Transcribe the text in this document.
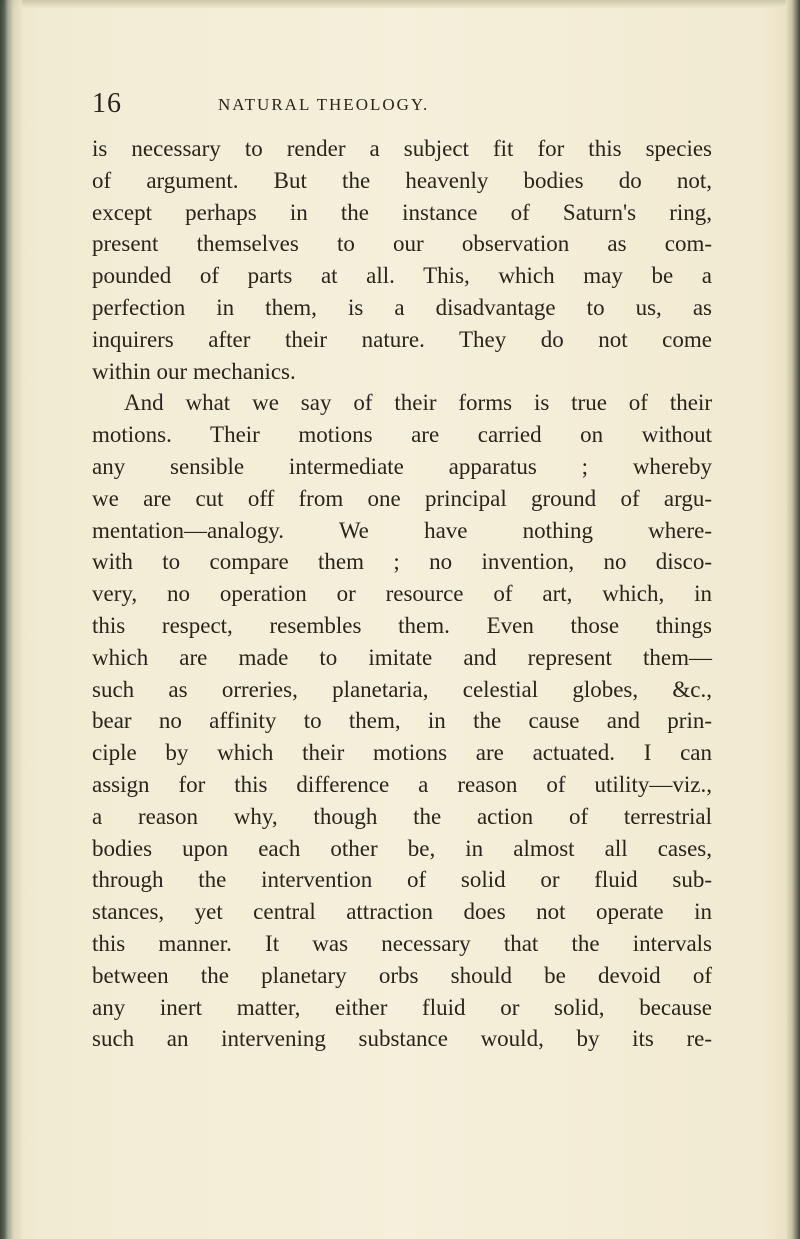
16	NATURAL THEOLOGY.
is necessary to render a subject fit for this species
of argument. But the heavenly bodies do not,
except perhaps in the instance of Saturn's ring,
present themselves to our observation as com-
pounded of parts at all. This, which may be a
perfection in them, is a disadvantage to us, as
inquirers after their nature. They do not come
within our mechanics.
And what we say of their forms is true of their
motions. Their motions are carried on without
any sensible intermediate apparatus ; whereby
we are cut off from one principal ground of argu-
mentation—analogy. We have nothing where-
with to compare them ; no invention, no disco-
very, no operation or resource of art, which, in
this respect, resembles them. Even those things
which are made to imitate and represent them—
such as orreries, planetaria, celestial globes, &c.,
bear no affinity to them, in the cause and prin-
ciple by which their motions are actuated. I can
assign for this difference a reason of utility—viz.,
a reason why, though the action of terrestrial
bodies upon each other be, in almost all cases,
through the intervention of solid or fluid sub-
stances, yet central attraction does not operate in
this manner. It was necessary that the intervals
between the planetary orbs should be devoid of
any inert matter, either fluid or solid, because
such an intervening substance would, by its re-
